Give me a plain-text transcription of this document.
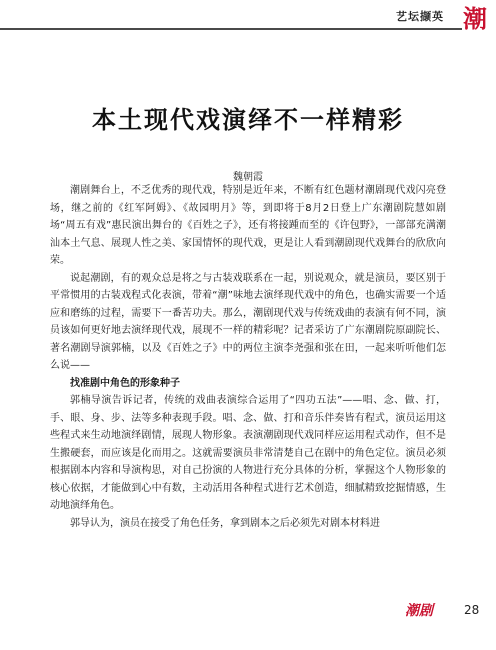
艺坛撷英 潮
本土现代戏演绎不一样精彩
魏朝霞

潮剧舞台上，不乏优秀的现代戏，特别是近年来，不断有红色题材潮剧现代戏闪亮登场，继之前的《红军阿姆》、《故园明月》等，到即将于8月2日登上广东潮剧院慧如剧场“周五有戏”惠民演出舞台的《百姓之子》，还有将接踵而至的《许包野》，一部部充满潮汕本土气息、展现人性之美、家国情怀的现代戏，更是让人看到潮剧现代戏舞台的欣欣向荣。

说起潮剧，有的观众总是将之与古装戏联系在一起，别说观众，就是演员，要区别于平常惯用的古装戏程式化表演，带着“潮”味地去演绎现代戏中的角色，也确实需要一个适应和磨练的过程，需要下一番苦功夫。那么，潮剧现代戏与传统戏曲的表演有何不同，演员该如何更好地去演绎现代戏，展现不一样的精彩呢？记者采访了广东潮剧院原副院长、著名潮剧导演郭楠，以及《百姓之子》中的两位主演李尧强和张在田，一起来听听他们怎么说——

找准剧中角色的形象种子

郭楠导演告诉记者，传统的戏曲表演综合运用了“四功五法”——唱、念、做、打，手、眼、身、步、法等多种表现手段。唱、念、做、打和音乐伴奏皆有程式，演员运用这些程式来生动地演绎剧情，展现人物形象。表演潮剧现代戏同样应运用程式动作，但不是生搬硬套，而应该是化而用之。这就需要演员非常清楚自己在剧中的角色定位。演员必须根据剧本内容和导演构思，对自己扮演的人物进行充分具体的分析，掌握这个人物形象的核心依据，才能做到心中有数，主动活用各种程式进行艺术创造，细腻精致挖掘情感，生动地演绎角色。

郭导认为，演员在接受了角色任务，拿到剧本之后必须先对剧本材料进

潮剧	28
